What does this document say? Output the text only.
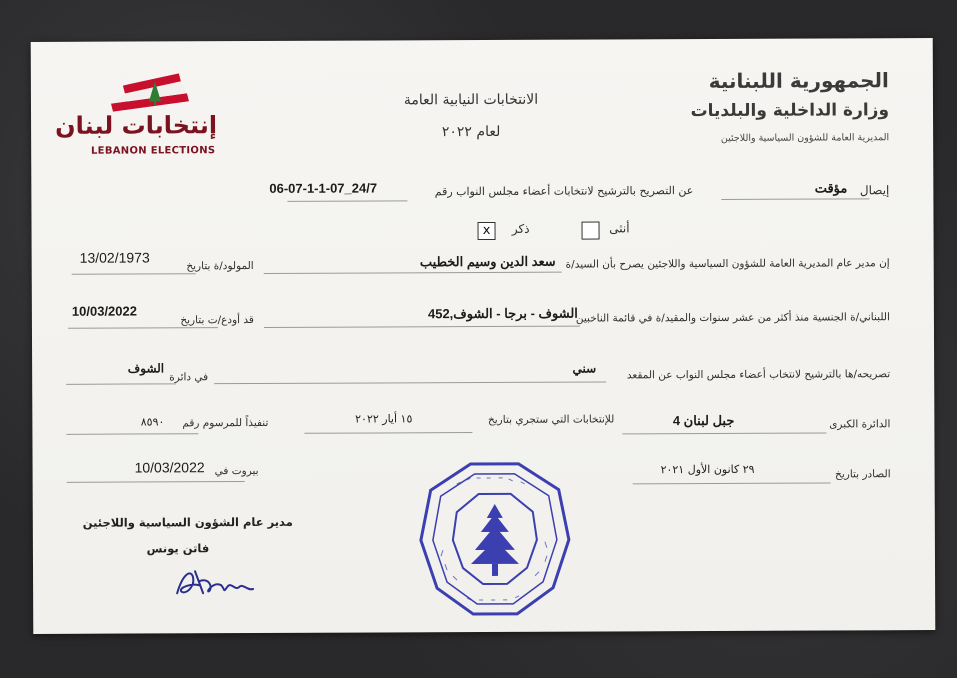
الجمهورية اللبنانية
وزارة الداخلية والبلديات
المديرية العامة للشؤون السياسية واللاجئين
الانتخابات النيابية العامة
لعام ٢٠٢٢
إنتخابات لبنان
LEBANON ELECTIONS
إيصال
مؤقت
عن التصريح بالترشيح لانتخابات أعضاء مجلس النواب رقم
06-07-1-1-07_24/7
أنثى
ذكر
x
إن مدير عام المديرية العامة للشؤون السياسية واللاجئين يصرح بأن السيد/ة
سعد الدين وسيم الخطيب
المولود/ة بتاريخ
13/02/1973
اللبناني/ة الجنسية منذ أكثر من عشر سنوات والمقيد/ة في قائمة الناخبين
الشوف - برجا - الشوف,452
قد أودع/ت بتاريخ
10/03/2022
تصريحه/ها بالترشيح لانتخاب أعضاء مجلس النواب عن المقعد
سني
في دائرة
الشوف
الدائرة الكبرى
جبل لبنان 4
للإنتخابات التي ستجري بتاريخ
١٥ أيار ٢٠٢٢
تنفيذاً للمرسوم رقم
٨٥٩٠
الصادر بتاريخ
٢٩ كانون الأول ٢٠٢١
بيروت في
10/03/2022
مدير عام الشؤون السياسية واللاجئين
فاتن يونس
